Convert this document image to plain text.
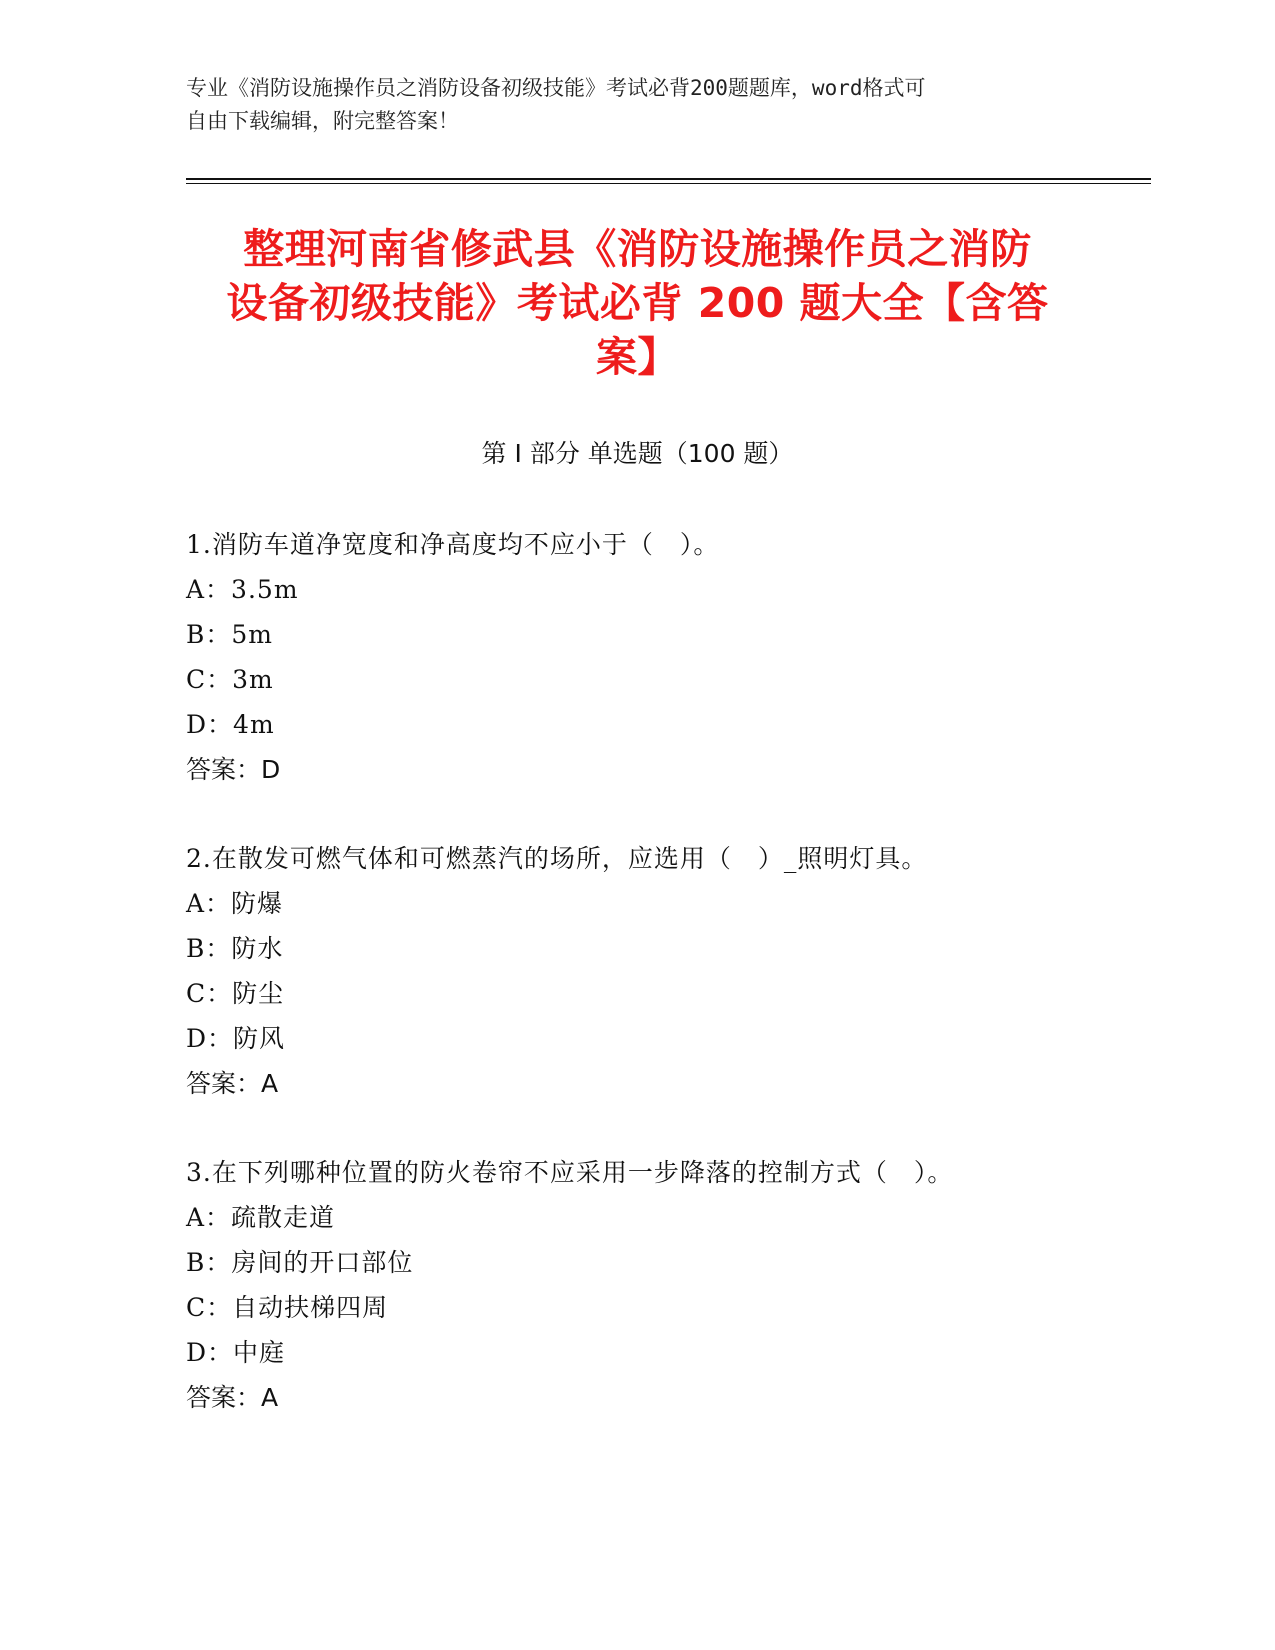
专业《消防设施操作员之消防设备初级技能》考试必背200题题库，word格式可
自由下载编辑，附完整答案！
整理河南省修武县《消防设施操作员之消防
设备初级技能》考试必背 200 题大全【含答
案】
第 I 部分 单选题（100 题）
1.消防车道净宽度和净高度均不应小于（　）。
A：3.5m
B：5m
C：3m
D：4m
答案：D
2.在散发可燃气体和可燃蒸汽的场所，应选用（　）_照明灯具。
A：防爆
B：防水
C：防尘
D：防风
答案：A
3.在下列哪种位置的防火卷帘不应采用一步降落的控制方式（　）。
A：疏散走道
B：房间的开口部位
C：自动扶梯四周
D：中庭
答案：A
